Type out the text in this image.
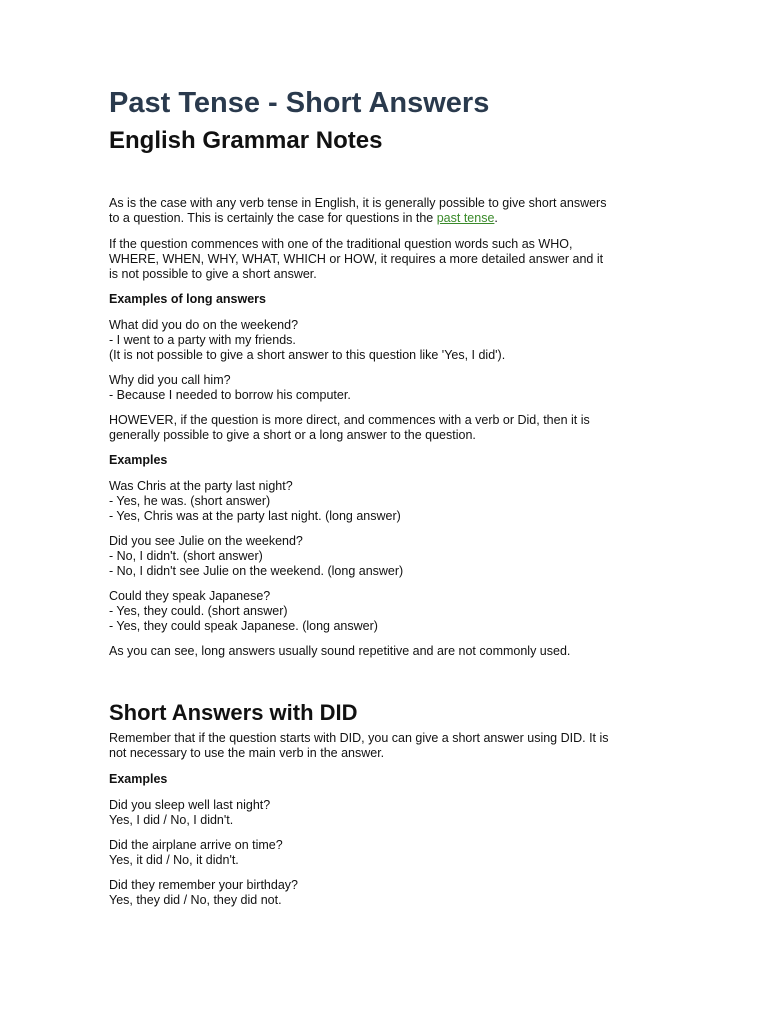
Past Tense - Short Answers
English Grammar Notes

As is the case with any verb tense in English, it is generally possible to give short answers
to a question. This is certainly the case for questions in the past tense.

If the question commences with one of the traditional question words such as WHO,
WHERE, WHEN, WHY, WHAT, WHICH or HOW, it requires a more detailed answer and it
is not possible to give a short answer.

Examples of long answers

What did you do on the weekend?
- I went to a party with my friends.
(It is not possible to give a short answer to this question like 'Yes, I did').

Why did you call him?
- Because I needed to borrow his computer.

HOWEVER, if the question is more direct, and commences with a verb or Did, then it is
generally possible to give a short or a long answer to the question.

Examples

Was Chris at the party last night?
- Yes, he was. (short answer)
- Yes, Chris was at the party last night. (long answer)

Did you see Julie on the weekend?
- No, I didn't. (short answer)
- No, I didn't see Julie on the weekend. (long answer)

Could they speak Japanese?
- Yes, they could. (short answer)
- Yes, they could speak Japanese. (long answer)

As you can see, long answers usually sound repetitive and are not commonly used.

Short Answers with DID

Remember that if the question starts with DID, you can give a short answer using DID. It is
not necessary to use the main verb in the answer.

Examples

Did you sleep well last night?
Yes, I did / No, I didn't.

Did the airplane arrive on time?
Yes, it did / No, it didn't.

Did they remember your birthday?
Yes, they did / No, they did not.
